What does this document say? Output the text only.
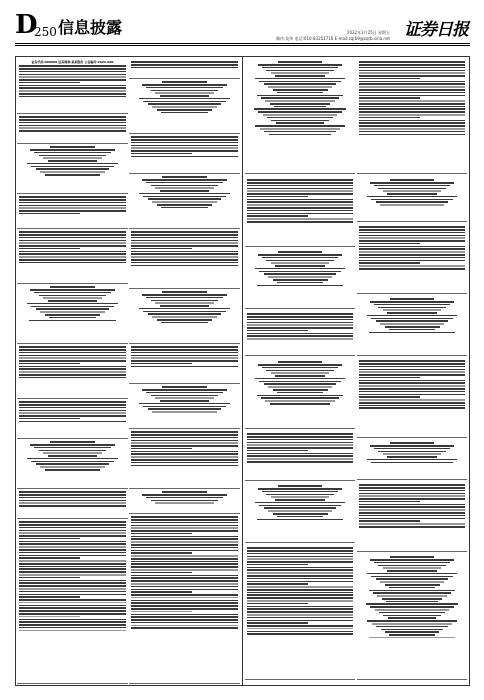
D
250 信息披露	2022年3月25日 星期五
制作:莫华 电话:010-83251716 E-mail:zqrb9@zqrb.sina.net 证券日报
证券代码:000000 证券简称:某某股份 公告编号:2022-000
